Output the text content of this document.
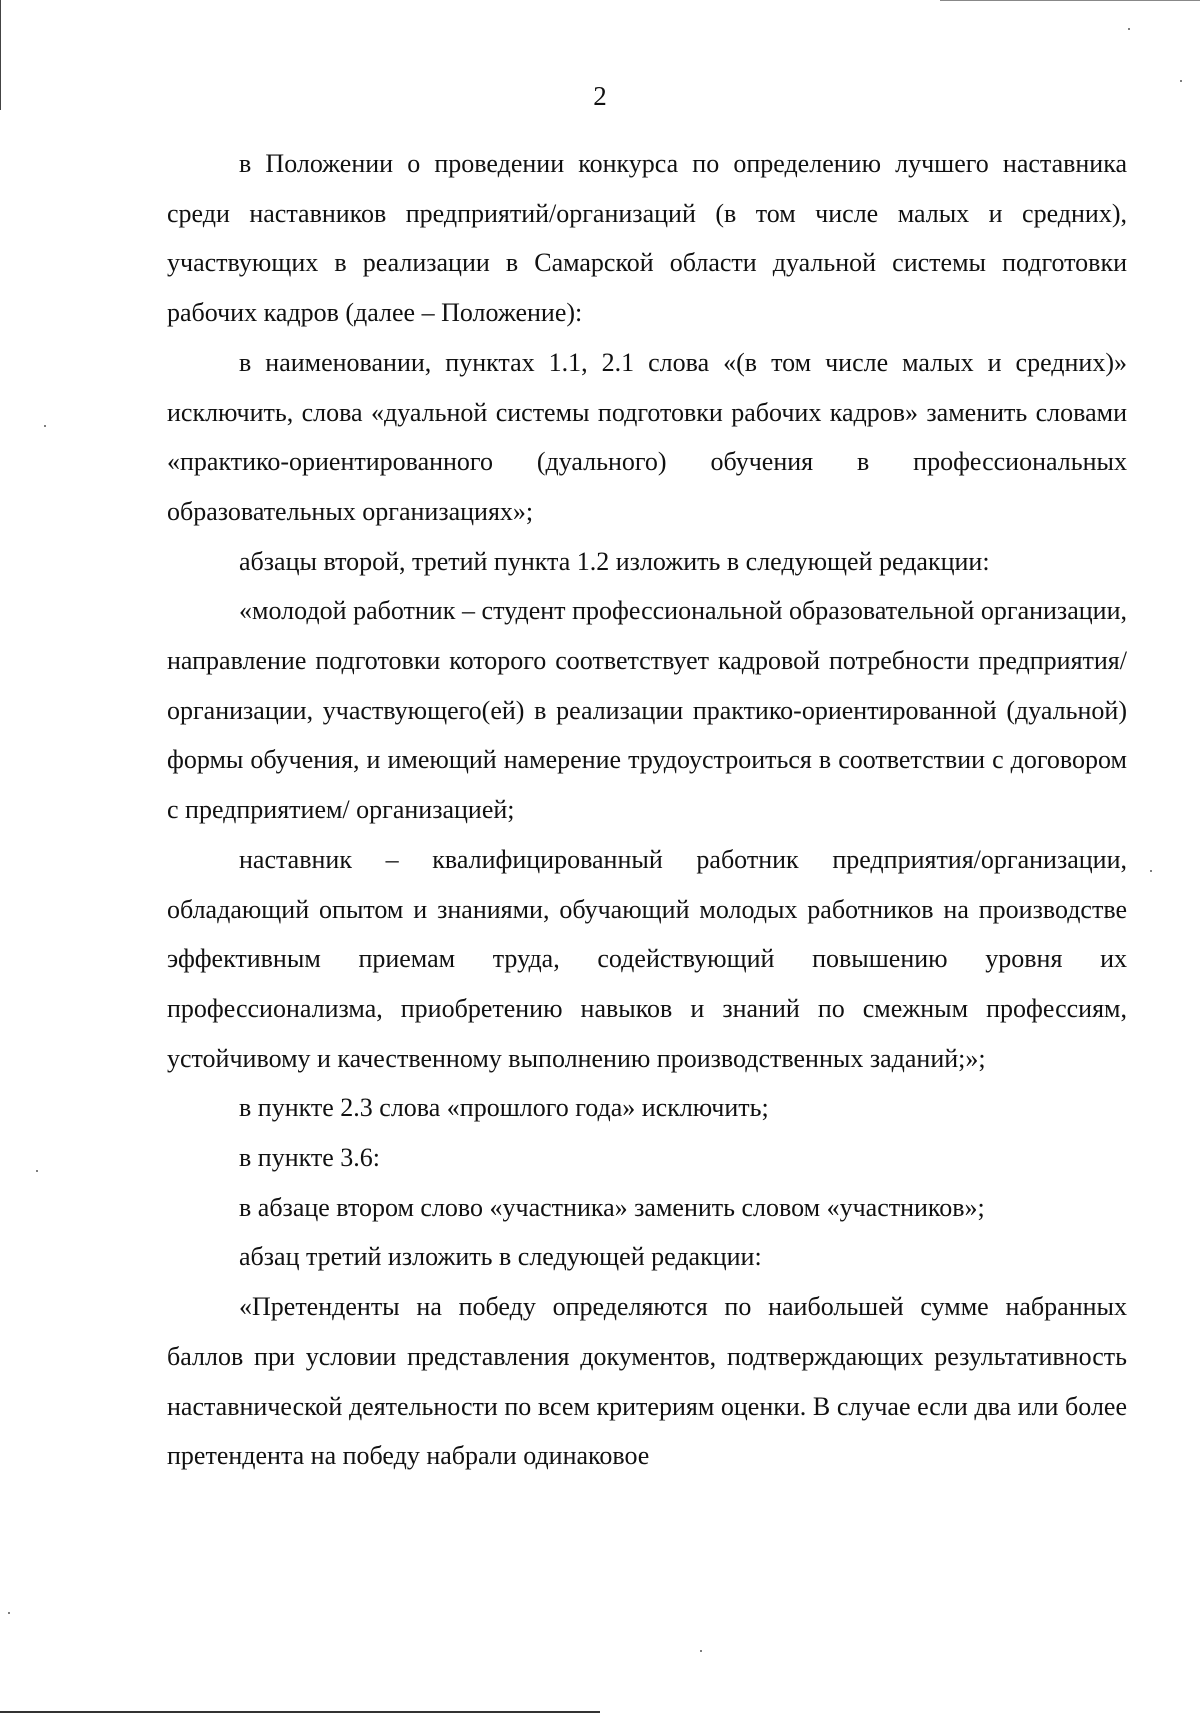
2

в Положении о проведении конкурса по определению лучшего наставника среди наставников предприятий/организаций (в том числе малых и средних), участвующих в реализации в Самарской области дуальной системы подготовки рабочих кадров (далее – Положение):

в наименовании, пунктах 1.1, 2.1 слова «(в том числе малых и средних)» исключить, слова «дуальной системы подготовки рабочих кадров» заменить словами «практико-ориентированного (дуального) обучения в профессиональных образовательных организациях»;

абзацы второй, третий пункта 1.2 изложить в следующей редакции:

«молодой работник – студент профессиональной образовательной организации, направление подготовки которого соответствует кадровой потребности предприятия/организации, участвующего(ей) в реализации практико-ориентированной (дуальной) формы обучения, и имеющий намерение трудоустроиться в соответствии с договором с предприятием/ организацией;

наставник – квалифицированный работник предприятия/организации, обладающий опытом и знаниями, обучающий молодых работников на производстве эффективным приемам труда, содействующий повышению уровня их профессионализма, приобретению навыков и знаний по смежным профессиям, устойчивому и качественному выполнению производственных заданий;»;

в пункте 2.3 слова «прошлого года» исключить;

в пункте 3.6:

в абзаце втором слово «участника» заменить словом «участников»;

абзац третий изложить в следующей редакции:

«Претенденты на победу определяются по наибольшей сумме набранных баллов при условии представления документов, подтверждающих результативность наставнической деятельности по всем критериям оценки. В случае если два или более претендента на победу набрали одинаковое
